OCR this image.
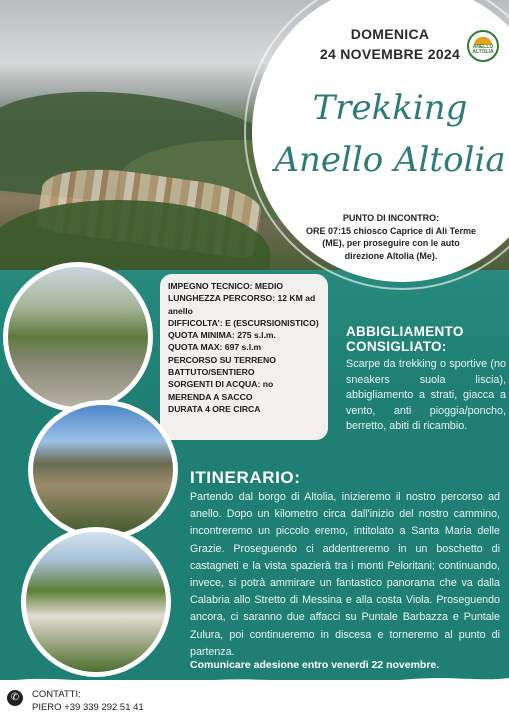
DOMENICA
24 NOVEMBRE 2024	ANELLO ALTOLIA
Trekking
Anello Altolia
PUNTO DI INCONTRO:
ORE 07:15 chiosco Caprice di Alì Terme (ME), per proseguire con le auto direzione Altolia (Me).

IMPEGNO TECNICO: MEDIO

LUNGHEZZA PERCORSO: 12 KM ad anello

DIFFICOLTA': E (ESCURSIONISTICO)

QUOTA MINIMA: 275 s.l.m.

QUOTA MAX: 697 s.l.m

PERCORSO SU TERRENO BATTUTO/SENTIERO

SORGENTI DI ACQUA: no

MERENDA A SACCO

DURATA 4 ORE CIRCA

ABBIGLIAMENTO CONSIGLIATO:
Scarpe da trekking o sportive (no sneakers suola liscia), abbigliamento a strati, giacca a vento, anti pioggia/poncho, berretto, abiti di ricambio.
ITINERARIO:
Partendo dal borgo di Altolia, inizieremo il nostro percorso ad anello. Dopo un kilometro circa dall'inizio del nostro cammino, incontreremo un piccolo eremo, intitolato a Santa Maria delle Grazie. Proseguendo ci addentreremo in un boschetto di castagneti e la vista spazierà tra i monti Peloritani; continuando, invece, si potrà ammirare un fantastico panorama che va dalla Calabria allo Stretto di Messina e alla costa Viola. Proseguendo ancora, ci saranno due affacci su Puntale Barbazza e Puntale Zulura, poi continueremo in discesa e torneremo al punto di partenza.
Comunicare adesione entro venerdì 22 novembre.
✆	CONTATTI:
PIERO +39 339 292 51 41
